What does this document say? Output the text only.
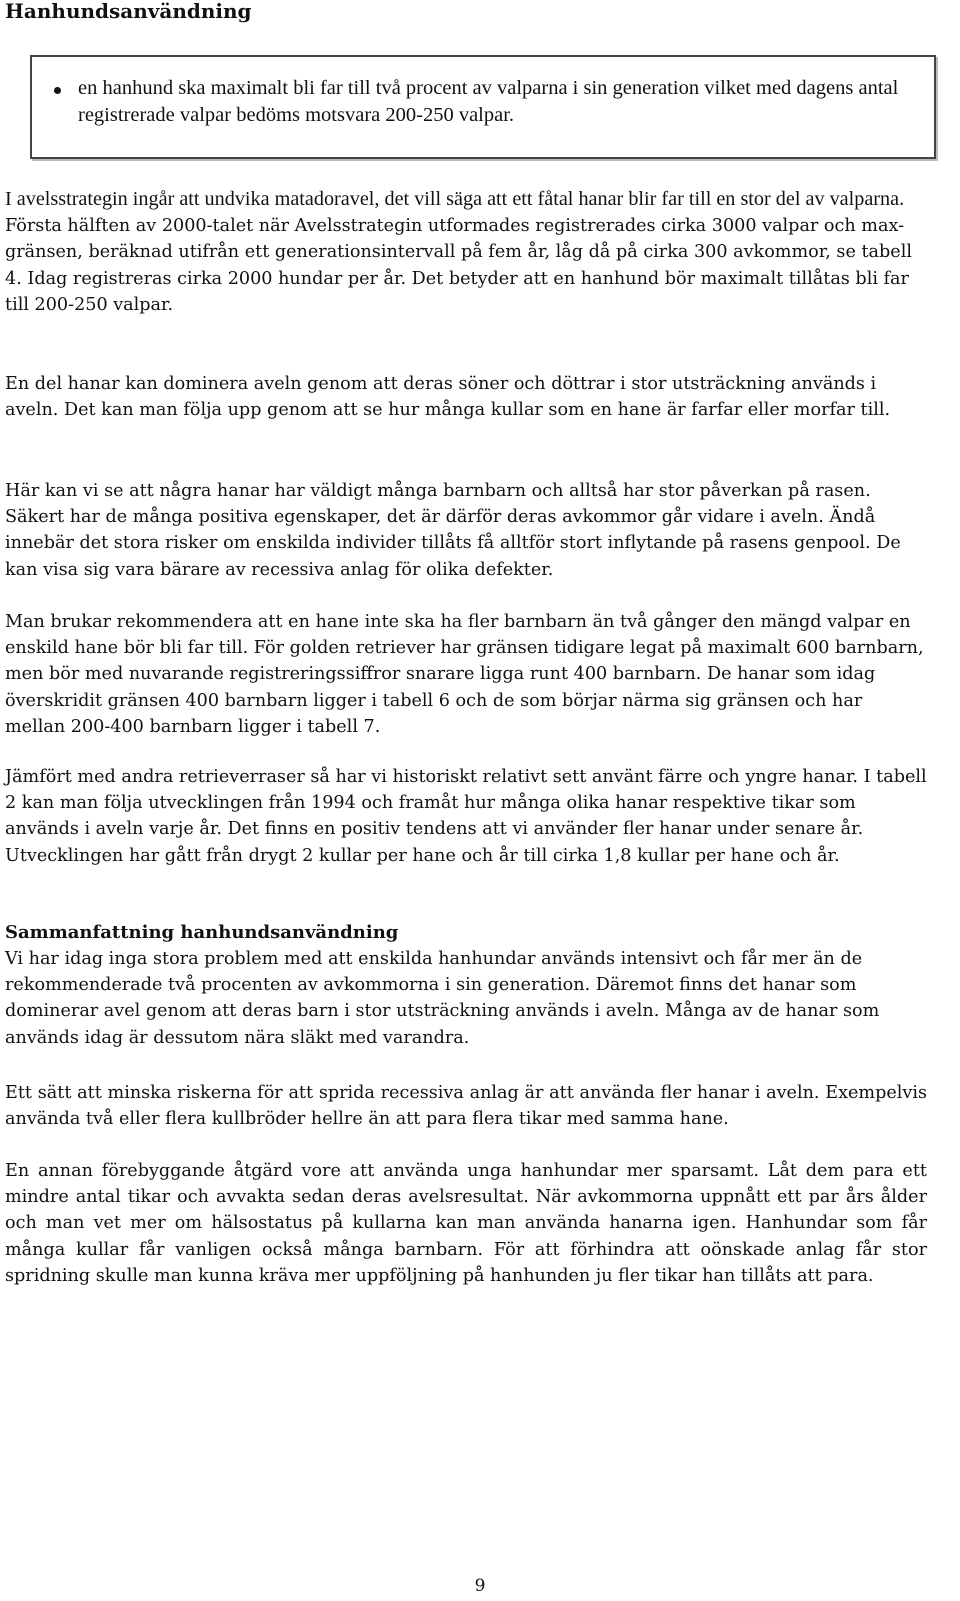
Hanhundsanvändning
en hanhund ska maximalt bli far till två procent av valparna i sin generation vilket med dagens antal registrerade valpar bedöms motsvara 200-250 valpar.

I avelsstrategin ingår att undvika matadoravel, det vill säga att ett fåtal hanar blir far till en stor del av valparna. Första hälften av 2000-talet när Avelsstrategin utformades registrerades cirka 3000 valpar och max-gränsen, beräknad utifrån ett generationsintervall på fem år, låg då på cirka 300 avkommor, se tabell 4. Idag registreras cirka 2000 hundar per år. Det betyder att en hanhund bör maximalt tillåtas bli far till 200-250 valpar.

En del hanar kan dominera aveln genom att deras söner och döttrar i stor utsträckning används i aveln. Det kan man följa upp genom att se hur många kullar som en hane är farfar eller morfar till.

Här kan vi se att några hanar har väldigt många barnbarn och alltså har stor påverkan på rasen. Säkert har de många positiva egenskaper, det är därför deras avkommor går vidare i aveln. Ändå innebär det stora risker om enskilda individer tillåts få alltför stort inflytande på rasens genpool. De kan visa sig vara bärare av recessiva anlag för olika defekter.

Man brukar rekommendera att en hane inte ska ha fler barnbarn än två gånger den mängd valpar en enskild hane bör bli far till. För golden retriever har gränsen tidigare legat på maximalt 600 barnbarn, men bör med nuvarande registreringssiffror snarare ligga runt 400 barnbarn. De hanar som idag överskridit gränsen 400 barnbarn ligger i tabell 6 och de som börjar närma sig gränsen och har mellan 200-400 barnbarn ligger i tabell 7.

Jämfört med andra retrieverraser så har vi historiskt relativt sett använt färre och yngre hanar. I tabell 2 kan man följa utvecklingen från 1994 och framåt hur många olika hanar respektive tikar som används i aveln varje år. Det finns en positiv tendens att vi använder fler hanar under senare år. Utvecklingen har gått från drygt 2 kullar per hane och år till cirka 1,8 kullar per hane och år.

Sammanfattning hanhundsanvändning

Vi har idag inga stora problem med att enskilda hanhundar används intensivt och får mer än de rekommenderade två procenten av avkommorna i sin generation. Däremot finns det hanar som dominerar avel genom att deras barn i stor utsträckning används i aveln. Många av de hanar som används idag är dessutom nära släkt med varandra.

Ett sätt att minska riskerna för att sprida recessiva anlag är att använda fler hanar i aveln. Exempelvis använda två eller flera kullbröder hellre än att para flera tikar med samma hane.

En annan förebyggande åtgärd vore att använda unga hanhundar mer sparsamt. Låt dem para ett mindre antal tikar och avvakta sedan deras avelsresultat. När avkommorna uppnått ett par års ålder och man vet mer om hälsostatus på kullarna kan man använda hanarna igen. Hanhundar som får många kullar får vanligen också många barnbarn. För att förhindra att oönskade anlag får stor spridning skulle man kunna kräva mer uppföljning på hanhunden ju fler tikar han tillåts att para.

9
